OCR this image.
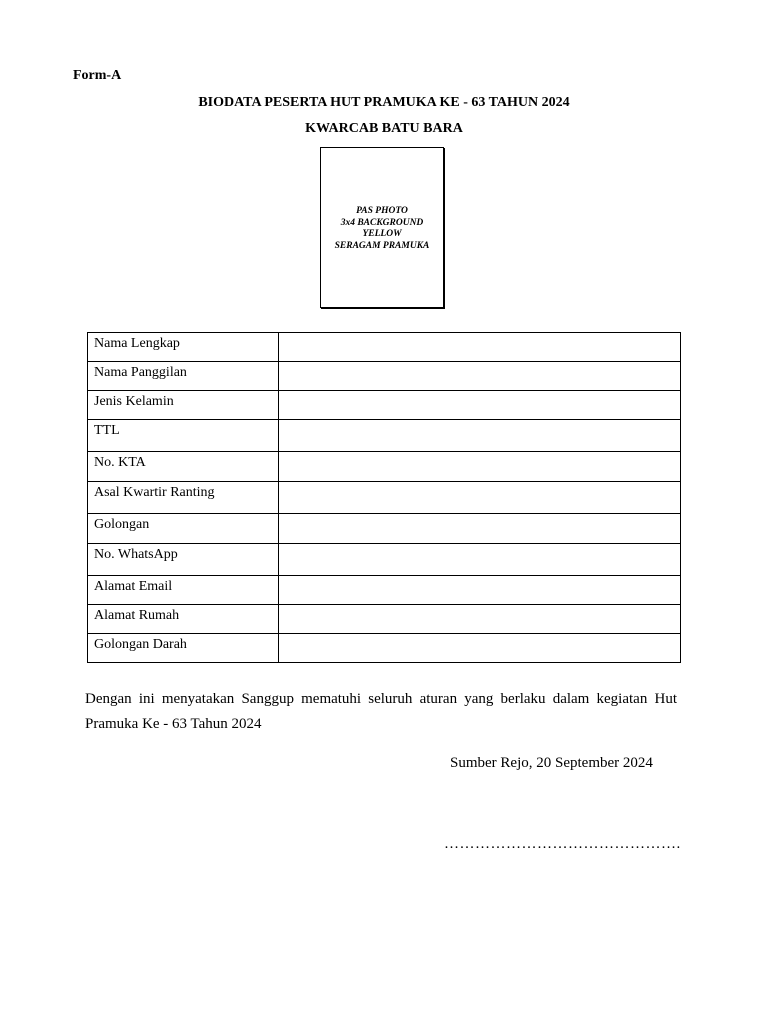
Form-A
BIODATA PESERTA HUT PRAMUKA KE - 63 TAHUN 2024
KWARCAB BATU BARA
PAS PHOTO
3x4 BACKGROUND
YELLOW
SERAGAM PRAMUKA
Nama Lengkap	
Nama Panggilan	
Jenis Kelamin	
TTL	
No. KTA	
Asal Kwartir Ranting	
Golongan	
No. WhatsApp	
Alamat Email	
Alamat Rumah	
Golongan Darah	
Dengan ini menyatakan Sanggup mematuhi seluruh aturan yang berlaku dalam kegiatan Hut Pramuka Ke - 63 Tahun 2024
Sumber Rejo, 20 September 2024
……………………………………….
